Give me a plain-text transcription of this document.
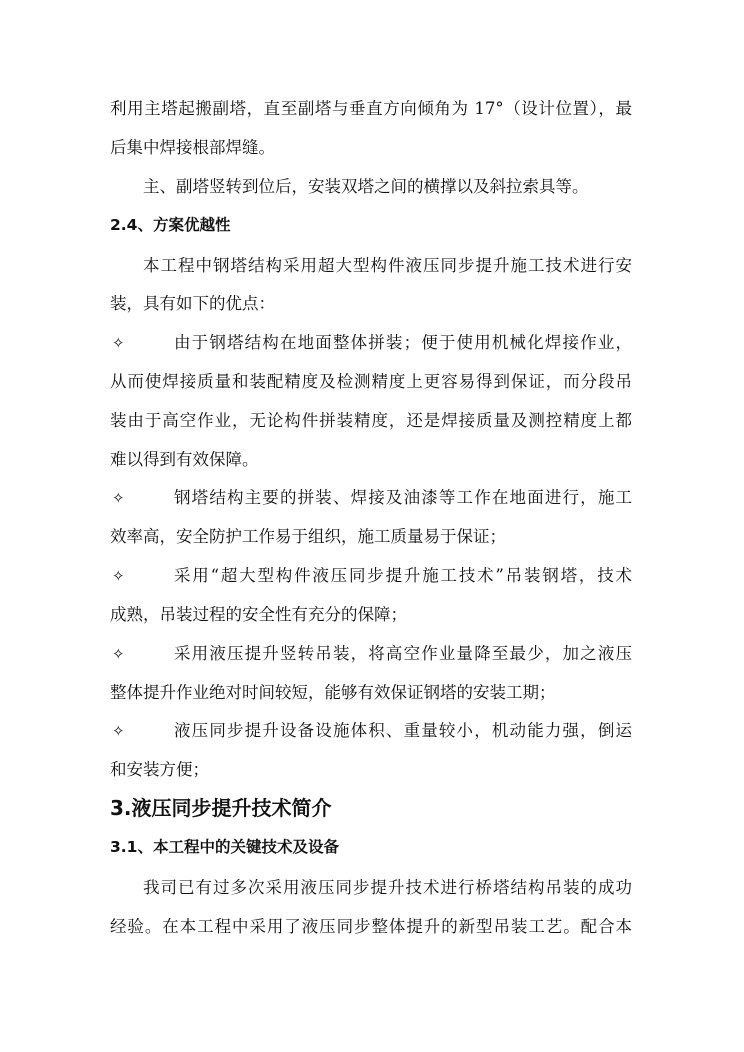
利用主塔起搬副塔，直至副塔与垂直方向倾角为 17°（设计位置），最
后集中焊接根部焊缝。
主、副塔竖转到位后，安装双塔之间的横撑以及斜拉索具等。
2.4、方案优越性
本工程中钢塔结构采用超大型构件液压同步提升施工技术进行安
装，具有如下的优点：
✧	由于钢塔结构在地面整体拼装；便于使用机械化焊接作业，
从而使焊接质量和装配精度及检测精度上更容易得到保证，而分段吊
装由于高空作业，无论构件拼装精度，还是焊接质量及测控精度上都
难以得到有效保障。
✧	钢塔结构主要的拼装、焊接及油漆等工作在地面进行，施工
效率高，安全防护工作易于组织，施工质量易于保证；
✧	采用“超大型构件液压同步提升施工技术”吊装钢塔，技术
成熟，吊装过程的安全性有充分的保障；
✧	采用液压提升竖转吊装，将高空作业量降至最少，加之液压
整体提升作业绝对时间较短，能够有效保证钢塔的安装工期；
✧	液压同步提升设备设施体积、重量较小，机动能力强，倒运
和安装方便；
3.液压同步提升技术简介
3.1、本工程中的关键技术及设备
我司已有过多次采用液压同步提升技术进行桥塔结构吊装的成功
经验。在本工程中采用了液压同步整体提升的新型吊装工艺。配合本
